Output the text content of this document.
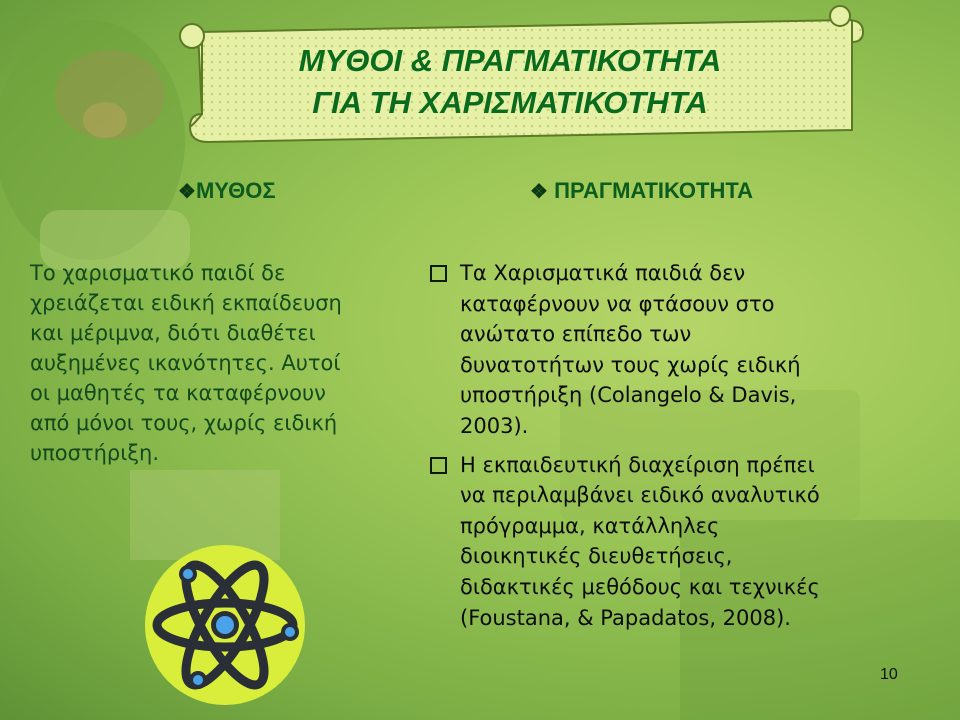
ΜΥΘΟΙ & ΠΡΑΓΜΑΤΙΚΟΤΗΤΑ
ΓΙΑ ΤΗ ΧΑΡΙΣΜΑΤΙΚΟΤΗΤΑ
❖ΜΥΘΟΣ	❖ ΠΡΑΓΜΑΤΙΚΟΤΗΤΑ

Το χαρισματικό παιδί δε
χρειάζεται ειδική εκπαίδευση
και μέριμνα, διότι διαθέτει
αυξημένες ικανότητες. Αυτοί
οι μαθητές τα καταφέρνουν
από μόνοι τους, χωρίς ειδική
υποστήριξη.

Τα Χαρισματικά παιδιά δεν
καταφέρνουν να φτάσουν στο
ανώτατο επίπεδο των
δυνατοτήτων τους χωρίς ειδική
υποστήριξη (Colangelo & Davis,
2003).
Η εκπαιδευτική διαχείριση πρέπει
να περιλαμβάνει ειδικό αναλυτικό
πρόγραμμα, κατάλληλες
διοικητικές διευθετήσεις,
διδακτικές μεθόδους και τεχνικές
(Foustana, & Papadatos, 2008).
10
